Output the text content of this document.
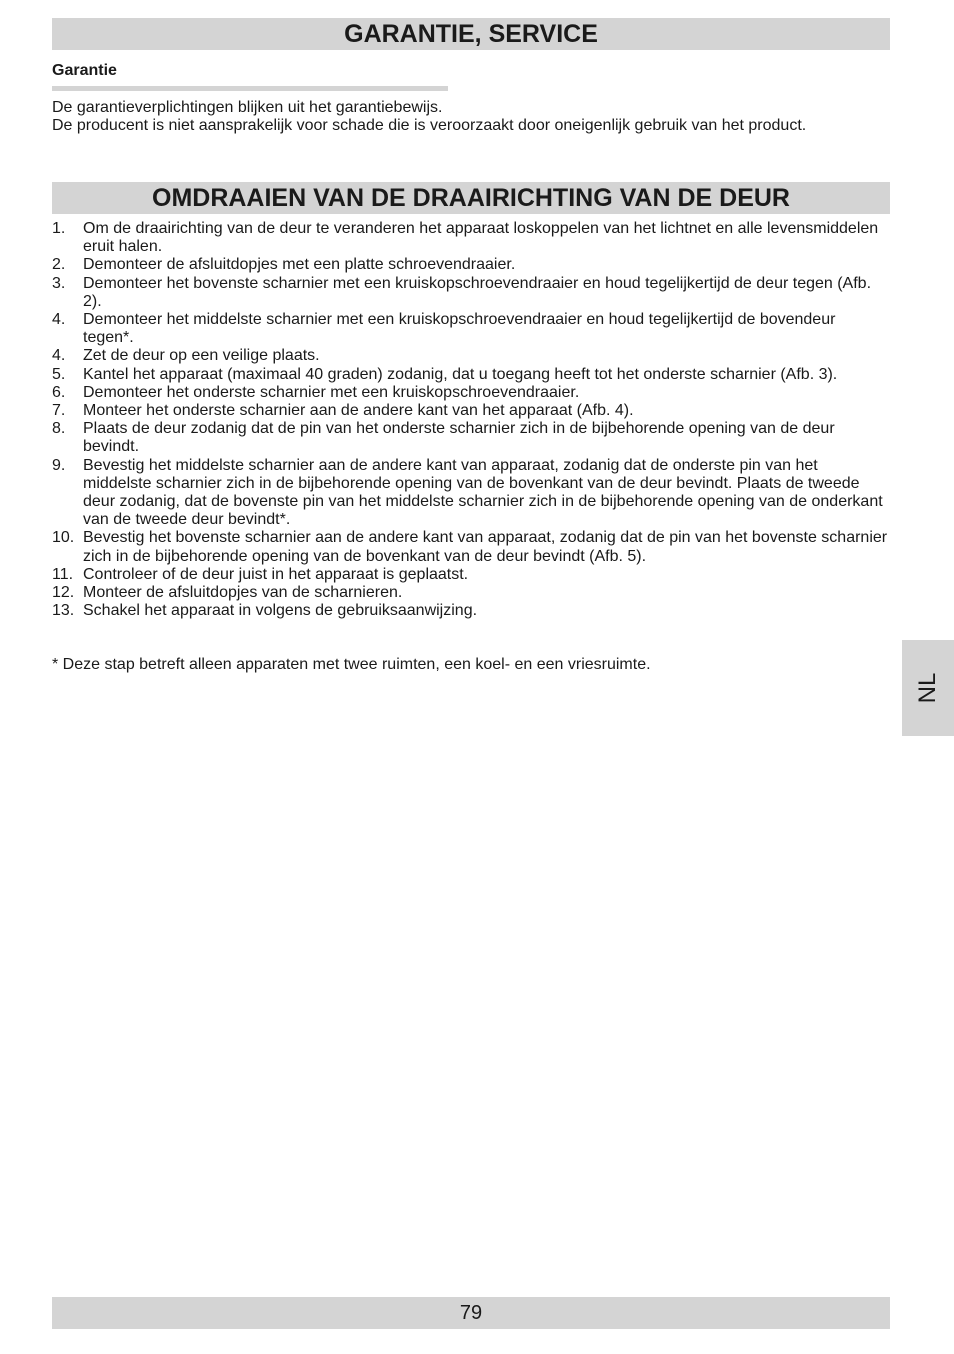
GARANTIE, SERVICE
Garantie

De garantieverplichtingen blijken uit het garantiebewijs.

De producent is niet aansprakelijk voor schade die is veroorzaakt door oneigenlijk gebruik van het product.

OMDRAAIEN VAN DE DRAAIRICHTING VAN DE DEUR
1. Om de draairichting van de deur te veranderen het apparaat loskoppelen van het lichtnet en alle levensmiddelen eruit halen.
2. Demonteer de afsluitdopjes met een platte schroevendraaier.
3. Demonteer het bovenste scharnier met een kruiskopschroevendraaier en houd tegelijkertijd de deur tegen (Afb. 2).
4. Demonteer het middelste scharnier met een kruiskopschroevendraaier en houd tegelijkertijd de bovendeur tegen*.
4. Zet de deur op een veilige plaats.
5. Kantel het apparaat (maximaal 40 graden) zodanig, dat u toegang heeft tot het onderste scharnier (Afb. 3).
6. Demonteer het onderste scharnier met een kruiskopschroevendraaier.
7. Monteer het onderste scharnier aan de andere kant van het apparaat (Afb. 4).
8. Plaats de deur zodanig dat de pin van het onderste scharnier zich in de bijbehorende opening van de deur bevindt.
9. Bevestig het middelste scharnier aan de andere kant van apparaat, zodanig dat de onderste pin van het middelste scharnier zich in de bijbehorende opening van de bovenkant van de deur bevindt. Plaats de tweede deur zodanig, dat de bovenste pin van het middelste scharnier zich in de bijbehorende opening van de onderkant van de tweede deur bevindt*.
10. Bevestig het bovenste scharnier aan de andere kant van apparaat, zodanig dat de pin van het bovenste scharnier zich in de bijbehorende opening van de bovenkant van de deur bevindt (Afb. 5).
11. Controleer of de deur juist in het apparaat is geplaatst.
12. Monteer de afsluitdopjes van de scharnieren.
13. Schakel het apparaat in volgens de gebruiksaanwijzing.
* Deze stap betreft alleen apparaten met twee ruimten, een koel- en een vriesruimte.
NL
79
